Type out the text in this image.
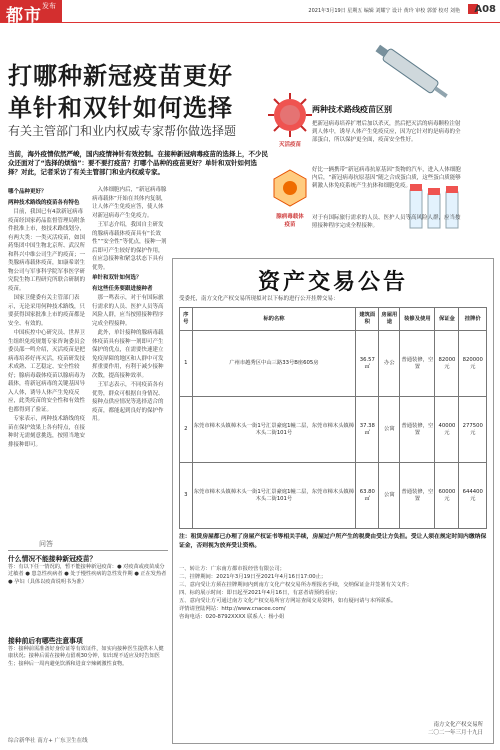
都市 发布
2021年3月19日 星期五 编辑 刘耀宁 设计 黄玲 审校 郭蕾 校对 刘艳 A08
打哪种新冠疫苗更好
单针和双针如何选择
有关主管部门和业内权威专家帮你做选择题
两种技术路线疫苗区别
灭活疫苗
腺病毒载体疫苗
把新冠病毒培养扩增后加以杀灭，然后把灭活的病毒颗粒注射到人体中，诱导人体产生免疫反应，因为它针对的是病毒的全部蛋白，所以保护更全面，疫苗安全性好。
好比一辆携带“新冠病毒抗原基因”货物的汽车，进入人体细胞内后，“新冠病毒抗原基因”随之合成蛋白质，这些蛋白质能够刺激人体免疫系统产生抗体和细胞免疫。
对于有国际旅行需求的人员、医护人员等高风险人群，应当按照接种程序完成全程接种。
当前，海外疫情依然严峻，国内疫情神针有效控制。在接种新冠病毒疫苗的选择上，不少民众还面对了“选择的烦恼”：要不要打疫苗？打哪个品种的疫苗更好？单针和双针如何选择？对此，记者采访了有关主管部门和业内权威专家。

哪个品种更好？

两种技术路线的疫苗各有特色

目前，我国已有4款新冠病毒疫苗经国家药品监督管理局附条件批准上市，按技术路线划分，有两大类：一类灭活疫苗，如国药集团中国生物北京所、武汉所和科兴中维公司生产的疫苗；一类腺病毒载体疫苗，如康希诺生物公司与军事科学院军事医学研究院生物工程研究所联合研制的疫苗。

国家卫健委有关主管部门表示，无论采用何种技术路线，只要获得国家批准上市的疫苗都是安全、有效的。

中国疾控中心研究员、世界卫生组织免疫规划专家咨询委员会委员邵一鸣介绍，灭活疫苗是把病毒培养好再灭活，疫苗研发技术成熟、工艺稳定、安全性较好；腺病毒载体疫苗以腺病毒为载体，将新冠病毒的关键基因导入人体，诱导人体产生免疫反应，此类疫苗的安全性和有效性也都得到了验证。

专家表示，两种技术路线的疫苗在保护效果上各有特点，在接种时无需刻意挑选，按照当地安排接种即可。

入体细胞内后，“新冠病毒腺病毒载体”开始在其体内复制，让人体产生免疫应答，使人体对新冠病毒产生免疫力。

王军志介绍，我国自主研发的腺病毒载体疫苗具有“长效性”“安全性”等优点，接种一剂后即可产生较好的保护作用，在应急接种和紧急状态下具有优势。

单针和双针如何选？

有这些任务要跟进接种者

那一鸣表示，对于有国际旅行需求的人员、医护人员等高风险人群，应当按照接种程序完成全程接种。

此外，单针接种的腺病毒载体疫苗具有接种一剂即可产生保护的优点，在需要快速建立免疫屏障的地区和人群中可发挥重要作用，有利于减少接种次数，提高接种效率。

王军志表示，不同疫苗各有优势，群众可根据自身情况、接种点供应情况等选择适合的疫苗，都能起到良好的保护作用。

问答
什么情况不能接种新冠疫苗？
答：有以下任一情况的，暂不能接种新冠疫苗：● 对疫苗或疫苗成分过敏者 ● 患急性疾病者 ● 处于慢性疾病的急性发作期 ● 正在发热者 ● 孕妇（具体以疫苗说明书为准）
接种前后有哪些注意事项
答：接种前需准备好身份证等有效证件，如实向接种医生提供本人健康状况；接种后需在接种点留观30分钟，如出现不适应及时告知医生；接种后一周内避免饮酒和进食辛辣刺激性食物。
资产交易公告
受委托，南方文化产权交易所现拟对以下标的进行公开挂牌交易：
序号	标的名称	建筑面积	房屋用途	装修及使用	保证金	挂牌价
1	广州市越秀区中山三路33号B座605房	36.57㎡	办公	普通装修，空置	82000元	820000元
2	东莞市樟木头镇樟木头一街1号汇景豪庭1幢二层，东莞市樟木头镇樟木头二街101号	37.38㎡	公寓	普通装修，空置	40000元	277500元
3	东莞市樟木头镇樟木头一街1号汇景豪庭1幢二层，东莞市樟木头镇樟木头二街101号	63.80㎡	公寓	普通装修，空置	60000元	644400元
注：租赁房屋都已办理了房屋产权证书等相关手续，房屋过户所产生的税费由受让方负担。受让人须在规定时间内缴纳保证金，否则视为放弃受让资格。

一、转让方：广东南方都市报经营有限公司；

二、挂牌期间：2021年3月19日至2021年4月16日17:00止；

三、意向受让方须在挂牌期间内到南方文化产权交易所办理报名手续，交纳保证金并签署有关文件；

四、标的展示时间：即日起至2021年4月16日，有意者请预约看房；

五、意向受让方可通过南方文化产权交易所官方网站查阅交易资料，如有疑问请与本所联系。

详情请登陆网站：http://www.cnacee.com/

咨询电话：020-8792XXXX 联系人：杨小姐

南方文化产权交易所
二〇二一年三月十九日
综合新华社 南方+ 广东卫生在线
